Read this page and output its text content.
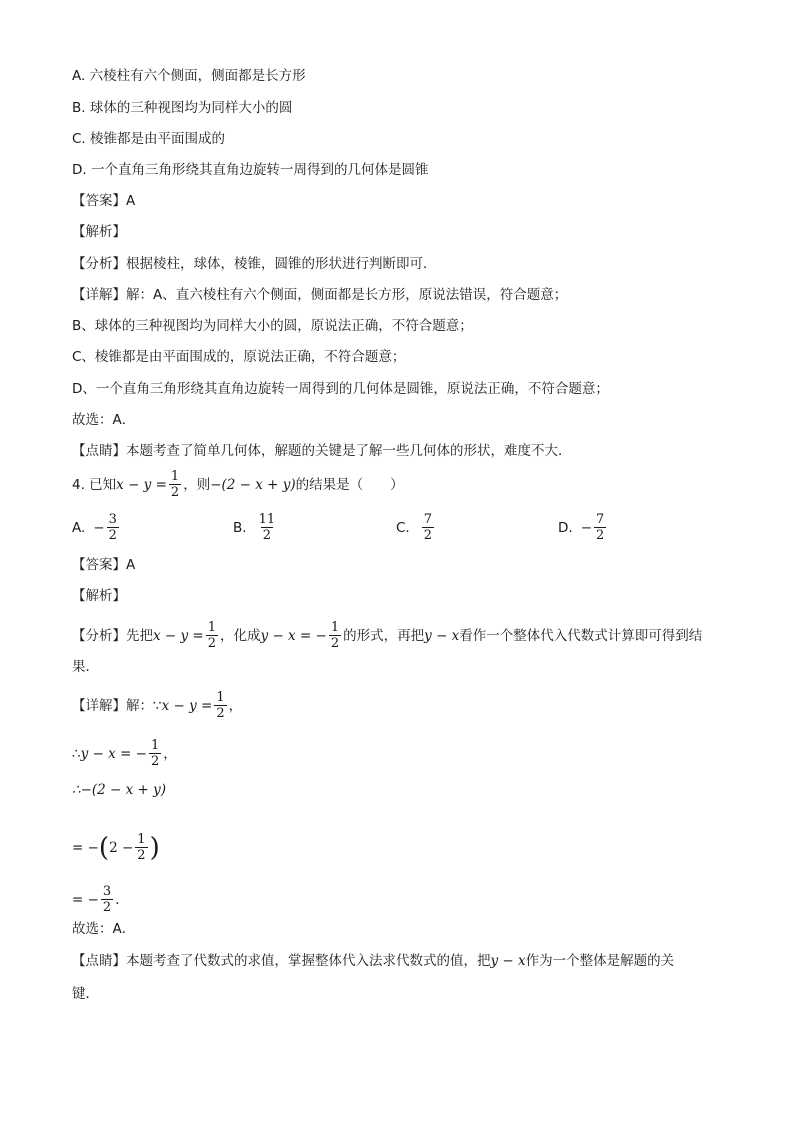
A. 六棱柱有六个侧面，侧面都是长方形
B. 球体的三种视图均为同样大小的圆
C. 棱锥都是由平面围成的
D. 一个直角三角形绕其直角边旋转一周得到的几何体是圆锥
【答案】A
【解析】
【分析】根据棱柱，球体，棱锥，圆锥的形状进行判断即可．
【详解】解：A、直六棱柱有六个侧面，侧面都是长方形，原说法错误，符合题意；
B、球体的三种视图均为同样大小的圆，原说法正确，不符合题意；
C、棱锥都是由平面围成的，原说法正确，不符合题意；
D、一个直角三角形绕其直角边旋转一周得到的几何体是圆锥，原说法正确，不符合题意；
故选：A．
【点睛】本题考查了简单几何体，解题的关键是了解一些几何体的形状，难度不大．
4. 已知 $x - y = \frac{1}{2}$ ，则 −(2 − x + y) 的结果是（　　）
A. − $\frac{3}{2}$	B. $\frac{11}{2}$	C. $\frac{7}{2}$	D. − $\frac{7}{2}$
【答案】A
【解析】
【分析】 先把 $x - y = \frac{1}{2}$ ，化成 y − x = − $\frac{1}{2}$ 的形式，再把 y − x 看作一个整体代入代数式计算即可得到结
果．
【详解】 解：∵ $x - y = \frac{1}{2}$ ，
∴ y − x = − $\frac{1}{2}$ ，
∴−(2 − x + y)
= − ( $2 - \frac{1}{2}$ )
= − $\frac{3}{2}$ ．
故选：A．
【点睛】本题考查了代数式的求值，掌握整体代入法求代数式的值，把y − x作为一个整体是解题的关
键．
